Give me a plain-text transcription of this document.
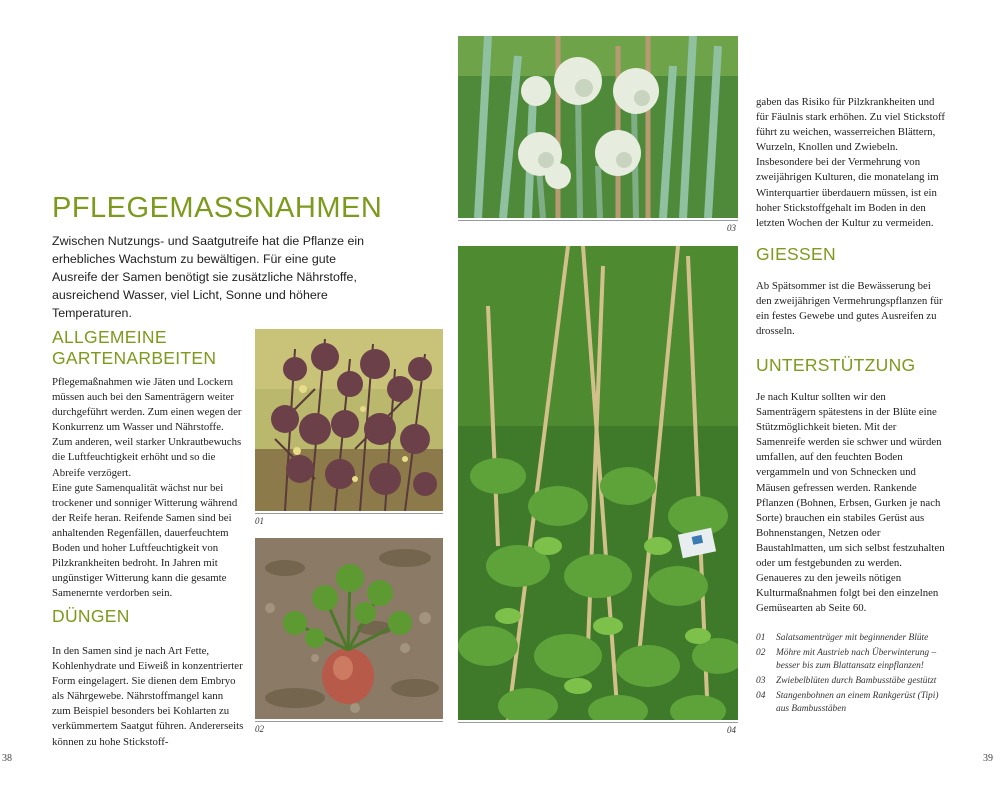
PFLEGEMASSNAHMEN

Zwischen Nutzungs- und Saatgutreife hat die Pflanze ein erhebliches Wachstum zu bewältigen. Für eine gute Ausreife der Samen benötigt sie zusätzliche Nährstoffe, ausreichend Wasser, viel Licht, Sonne und höhere Temperaturen.

ALLGEMEINE
GARTENARBEITEN

Pflegemaßnahmen wie Jäten und Lockern müssen auch bei den Samenträgern weiter durchgeführt werden. Zum einen wegen der Konkurrenz um Wasser und Nährstoffe. Zum anderen, weil starker Unkrautbewuchs die Luftfeuchtigkeit erhöht und so die Abreife verzögert.

Eine gute Samenqualität wächst nur bei trockener und sonniger Witterung während der Reife heran. Reifende Samen sind bei anhaltenden Regenfällen, dauerfeuchtem Boden und hoher Luftfeuchtigkeit von Pilzkrankheiten bedroht. In Jahren mit ungünstiger Witterung kann die gesamte Samenernte verdorben sein.

DÜNGEN

In den Samen sind je nach Art Fette, Kohlenhydrate und Eiweiß in konzentrierter Form eingelagert. Sie dienen dem Embryo als Nährgewebe. Nährstoffmangel kann zum Beispiel besonders bei Kohlarten zu verkümmertem Saatgut führen. Andererseits können zu hohe Stickstoff-

01
02
38
03
04

gaben das Risiko für Pilzkrankheiten und für Fäulnis stark erhöhen. Zu viel Stickstoff führt zu weichen, wasserreichen Blättern, Wurzeln, Knollen und Zwiebeln. Insbesondere bei der Vermehrung von zweijährigen Kulturen, die monatelang im Winterquartier überdauern müssen, ist ein hoher Stickstoffgehalt im Boden in den letzten Wochen der Kultur zu vermeiden.

GIESSEN

Ab Spätsommer ist die Bewässerung bei den zweijährigen Vermehrungspflanzen für ein festes Gewebe und gutes Ausreifen zu drosseln.

UNTERSTÜTZUNG

Je nach Kultur sollten wir den Samenträgern spätestens in der Blüte eine Stützmöglichkeit bieten. Mit der Samenreife werden sie schwer und würden umfallen, auf den feuchten Boden vergammeln und von Schnecken und Mäusen gefressen werden. Rankende Pflanzen (Bohnen, Erbsen, Gurken je nach Sorte) brauchen ein stabiles Gerüst aus Bohnenstangen, Netzen oder Baustahlmatten, um sich selbst festzuhalten oder um festgebunden zu werden. Genaueres zu den jeweils nötigen Kulturmaßnahmen folgt bei den einzelnen Gemüsearten ab Seite 60.

01	Salatsamenträger mit beginnender Blüte
02	Möhre mit Austrieb nach Überwinterung – besser bis zum Blattansatz einpflanzen!
03	Zwiebelblüten durch Bambusstäbe gestützt
04	Stangenbohnen an einem Rankgerüst (Tipi) aus Bambusstäben
39
